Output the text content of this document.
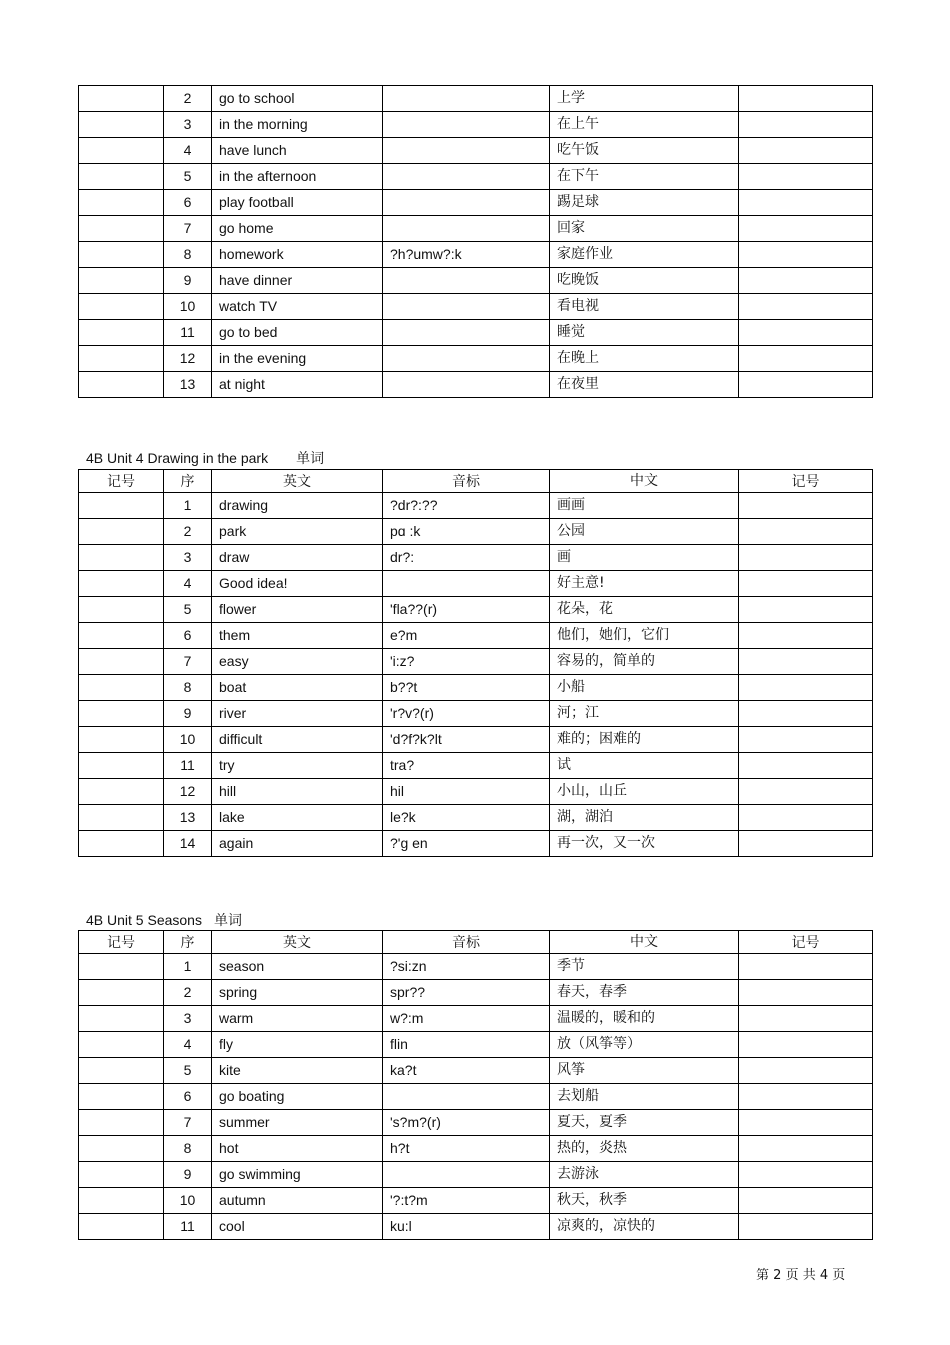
	2	go to school		上学	
	3	in the morning		在上午	
	4	have lunch		吃午饭	
	5	in the afternoon		在下午	
	6	play football		踢足球	
	7	go home		回家	
	8	homework	?h?umw?:k	家庭作业	
	9	have dinner		吃晚饭	
	10	watch TV		看电视	
	11	go to bed		睡觉	
	12	in the evening		在晚上	
	13	at night		在夜里	
4B Unit 4 Drawing in the park 单词
记号	序	英文	音标	中文	记号
	1	drawing	?dr?:??	画画	
	2	park	pɑ :k	公园	
	3	draw	dr?:	画	
	4	Good idea!		好主意!	
	5	flower	'fla??(r)	花朵，花	
	6	them	e?m	他们，她们，它们	
	7	easy	'i:z?	容易的，简单的	
	8	boat	b??t	小船	
	9	river	'r?v?(r)	河；江	
	10	difficult	'd?f?k?lt	难的；困难的	
	11	try	tra?	试	
	12	hill	hil	小山，山丘	
	13	lake	le?k	湖，湖泊	
	14	again	?'ɡ en	再一次，又一次	
4B Unit 5 Seasons 单词
记号	序	英文	音标	中文	记号
	1	season	?si:zn	季节	
	2	spring	spr??	春天，春季	
	3	warm	w?:m	温暖的，暖和的	
	4	fly	flin	放（风筝等）	
	5	kite	ka?t	风筝	
	6	go boating		去划船	
	7	summer	's?m?(r)	夏天，夏季	
	8	hot	h?t	热的，炎热	
	9	go swimming		去游泳	
	10	autumn	'?:t?m	秋天，秋季	
	11	cool	ku:l	凉爽的，凉快的	
第 2 页 共 4 页
